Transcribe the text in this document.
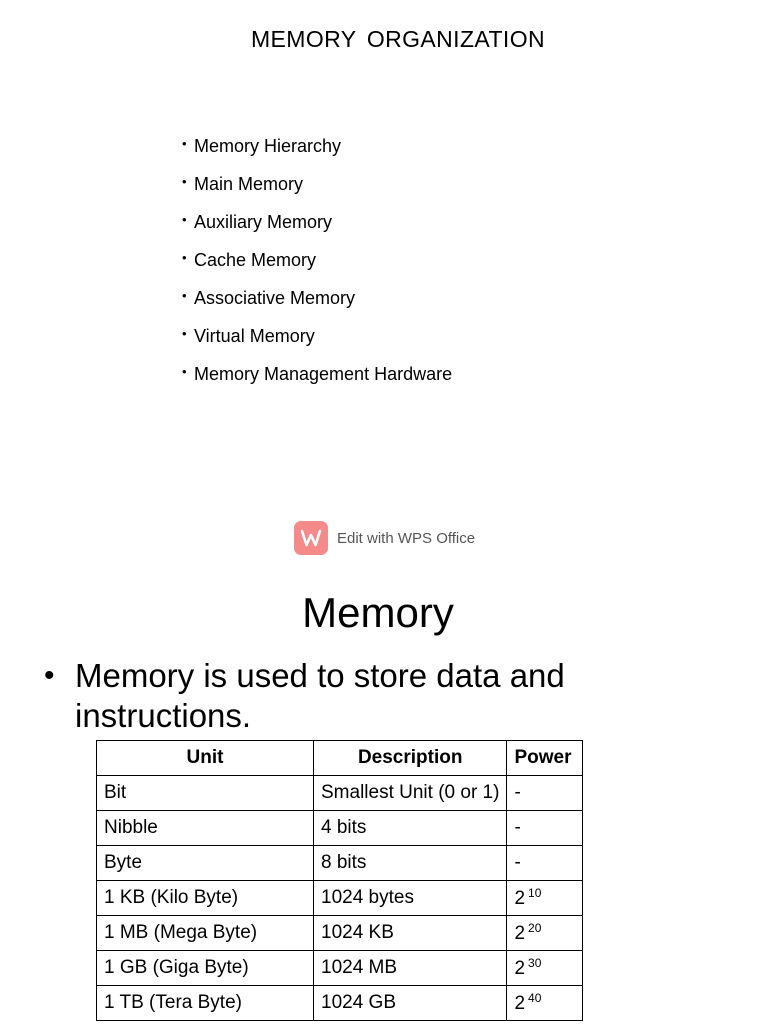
MEMORY ORGANIZATION
• Memory Hierarchy
• Main Memory
• Auxiliary Memory
• Cache Memory
• Associative Memory
• Virtual Memory
• Memory Management Hardware
Edit with WPS Office
Memory
• Memory is used to store data and instructions.
Unit	Description	Power
Bit	Smallest Unit (0 or 1)	-
Nibble	4 bits	-
Byte	8 bits	-
1 KB (Kilo Byte)	1024 bytes	2 $^{10}$
1 MB (Mega Byte)	1024 KB	2 $^{20}$
1 GB (Giga Byte)	1024 MB	2 $^{30}$
1 TB (Tera Byte)	1024 GB	2 $^{40}$
